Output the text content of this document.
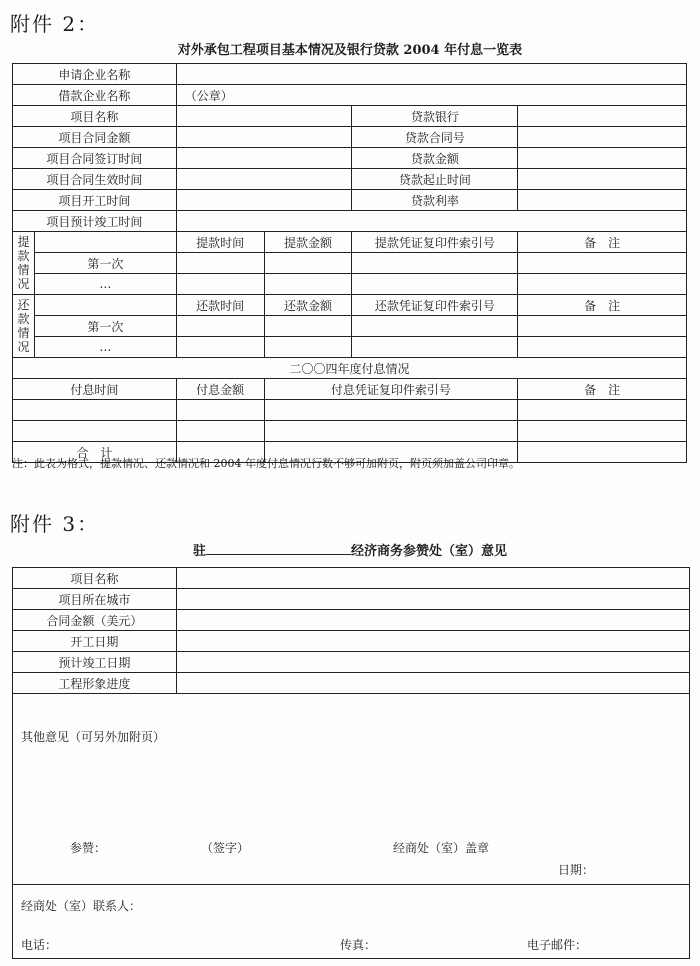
附件 2：
对外承包工程项目基本情况及银行贷款 2004 年付息一览表
申请企业名称					
借款企业名称		（公章）			
项目名称				贷款银行	
项目合同金额				贷款合同号	
项目合同签订时间				贷款金额	
项目合同生效时间				贷款起止时间	
项目开工时间				贷款利率	
项目预计竣工时间					
提款情况		提款时间	提款金额	提款凭证复印件索引号	备　注
	第一次				
	…				
还款情况		还款时间	还款金额	还款凭证复印件索引号	备　注
	第一次				
	…				
二〇〇四年度付息情况					
付息时间		付息金额	付息凭证复印件索引号		备　注

合　计					
注：此表为格式，提款情况、还款情况和 2004 年度付息情况行数不够可加附页，附页须加盖公司印章。
附件 3：
驻	经济商务参赞处（室）意见
项目名称	
项目所在城市	
合同金额（美元）	
开工日期	
预计竣工日期	
工程形象进度	
其他意见（可另外加附页）
参赞：	（签字）	经商处（室）盖章
日期：
经商处（室）联系人：
电话：	传真：	电子邮件：
